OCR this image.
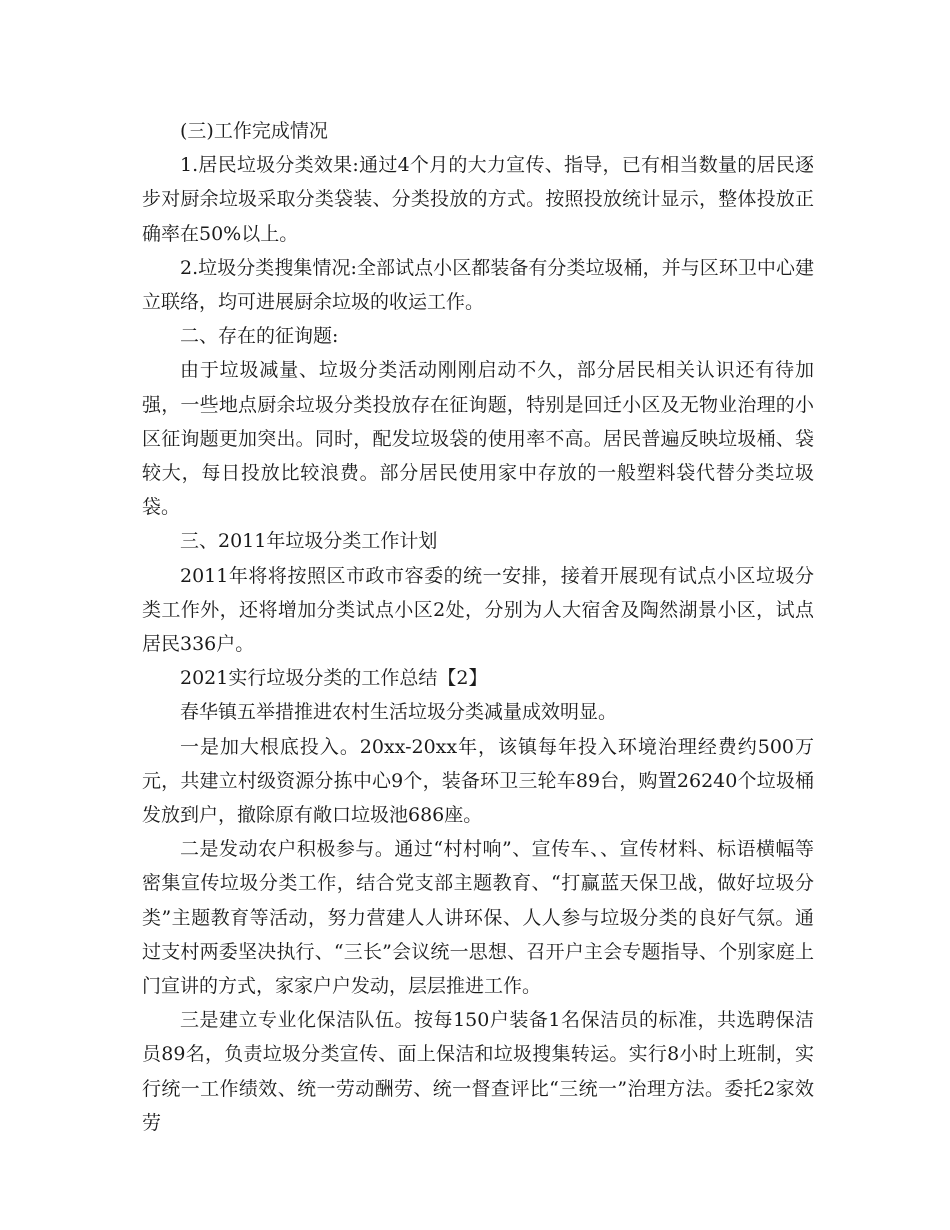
(三)工作完成情况

1.居民垃圾分类效果:通过4个月的大力宣传、指导，已有相当数量的居民逐步对厨余垃圾采取分类袋装、分类投放的方式。按照投放统计显示，整体投放正确率在50%以上。

2.垃圾分类搜集情况:全部试点小区都装备有分类垃圾桶，并与区环卫中心建立联络，均可进展厨余垃圾的收运工作。

二、存在的征询题:

由于垃圾减量、垃圾分类活动刚刚启动不久，部分居民相关认识还有待加强，一些地点厨余垃圾分类投放存在征询题，特别是回迁小区及无物业治理的小区征询题更加突出。同时，配发垃圾袋的使用率不高。居民普遍反映垃圾桶、袋较大，每日投放比较浪费。部分居民使用家中存放的一般塑料袋代替分类垃圾袋。

三、2011年垃圾分类工作计划

2011年将将按照区市政市容委的统一安排，接着开展现有试点小区垃圾分类工作外，还将增加分类试点小区2处，分别为人大宿舍及陶然湖景小区，试点居民336户。

2021实行垃圾分类的工作总结【2】

春华镇五举措推进农村生活垃圾分类减量成效明显。

一是加大根底投入。20xx-20xx年，该镇每年投入环境治理经费约500万元，共建立村级资源分拣中心9个，装备环卫三轮车89台，购置26240个垃圾桶发放到户，撤除原有敞口垃圾池686座。

二是发动农户积极参与。通过“村村响”、宣传车、、宣传材料、标语横幅等密集宣传垃圾分类工作，结合党支部主题教育、“打赢蓝天保卫战，做好垃圾分类”主题教育等活动，努力营建人人讲环保、人人参与垃圾分类的良好气氛。通过支村两委坚决执行、“三长”会议统一思想、召开户主会专题指导、个别家庭上门宣讲的方式，家家户户发动，层层推进工作。

三是建立专业化保洁队伍。按每150户装备1名保洁员的标准，共选聘保洁员89名，负责垃圾分类宣传、面上保洁和垃圾搜集转运。实行8小时上班制，实行统一工作绩效、统一劳动酬劳、统一督查评比“三统一”治理方法。委托2家效劳
